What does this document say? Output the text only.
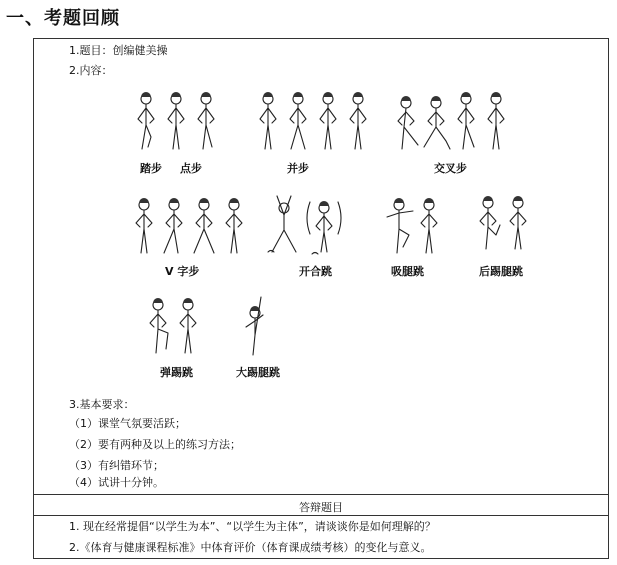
一、考题回顾
1.题目：创编健美操
2.内容：
踏步 点步	并步	交叉步
V 字步	开合跳	吸腿跳	后踢腿跳
弹踢跳	大踢腿跳
3.基本要求：
（1）课堂气氛要活跃；
（2）要有两种及以上的练习方法；
（3）有纠错环节；
（4）试讲十分钟。
答辩题目
1. 现在经常提倡“以学生为本”、“以学生为主体”，请谈谈你是如何理解的？
2.《体育与健康课程标准》中体育评价（体育课成绩考核）的变化与意义。
